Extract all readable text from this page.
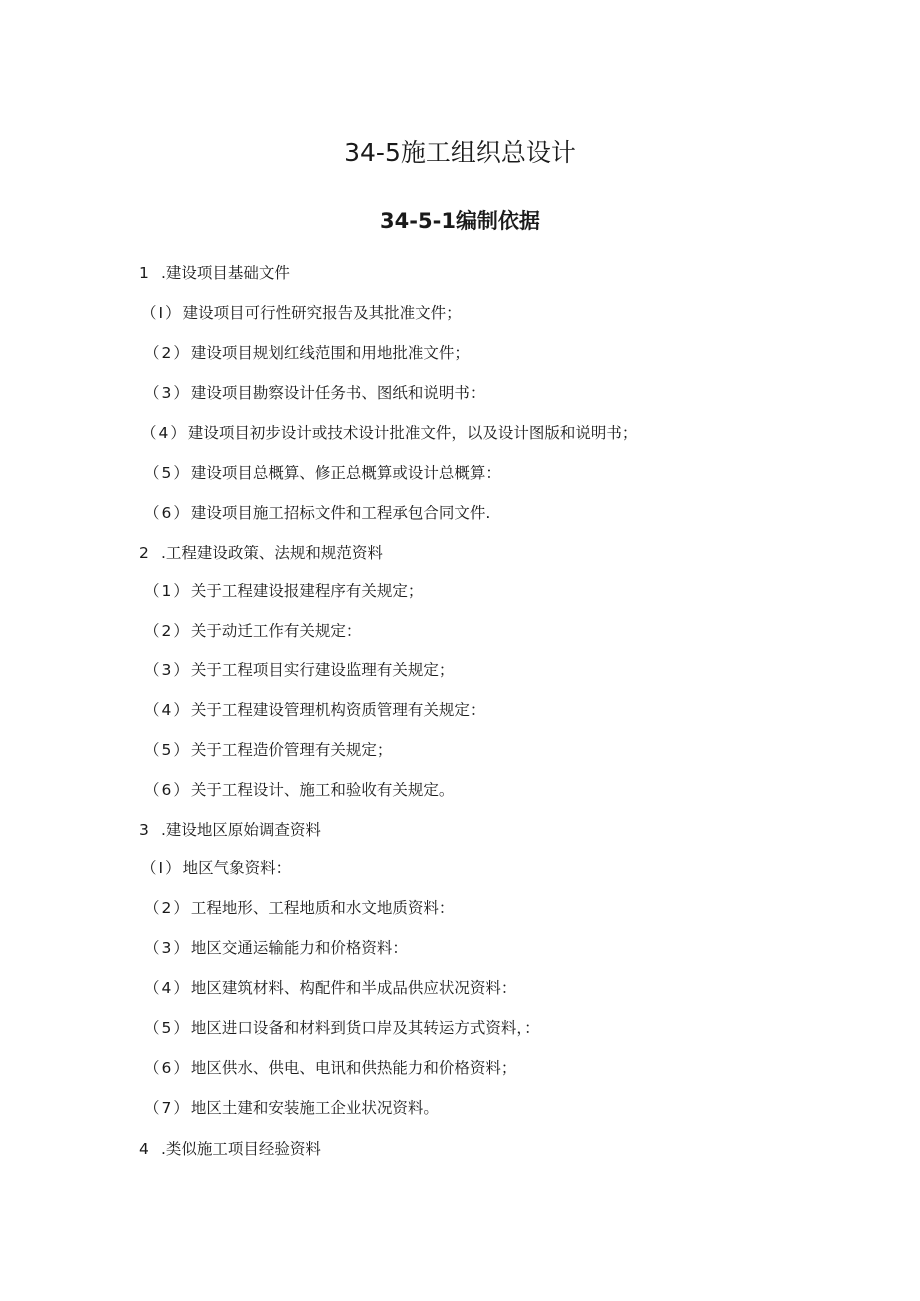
34-5施工组织总设计
34-5-1编制依据
1 .建设项目基础文件
（I）建设项目可行性研究报告及其批准文件；
（2）建设项目规划红线范围和用地批准文件；
（3）建设项目勘察设计任务书、图纸和说明书：
（4）建设项目初步设计或技术设计批准文件，以及设计图版和说明书；
（5）建设项目总概算、修正总概算或设计总概算：
（6）建设项目施工招标文件和工程承包合同文件.
2 .工程建设政策、法规和规范资料
（1）关于工程建设报建程序有关规定；
（2）关于动迁工作有关规定：
（3）关于工程项目实行建设监理有关规定；
（4）关于工程建设管理机构资质管理有关规定：
（5）关于工程造价管理有关规定；
（6）关于工程设计、施工和验收有关规定。
3 .建设地区原始调查资料
（I）地区气象资料：
（2）工程地形、工程地质和水文地质资料：
（3）地区交通运输能力和价格资料：
（4）地区建筑材料、构配件和半成品供应状况资料：
（5）地区进口设备和材料到货口岸及其转运方式资料，：
（6）地区供水、供电、电讯和供热能力和价格资料；
（7）地区土建和安装施工企业状况资料。
4 .类似施工项目经验资料
